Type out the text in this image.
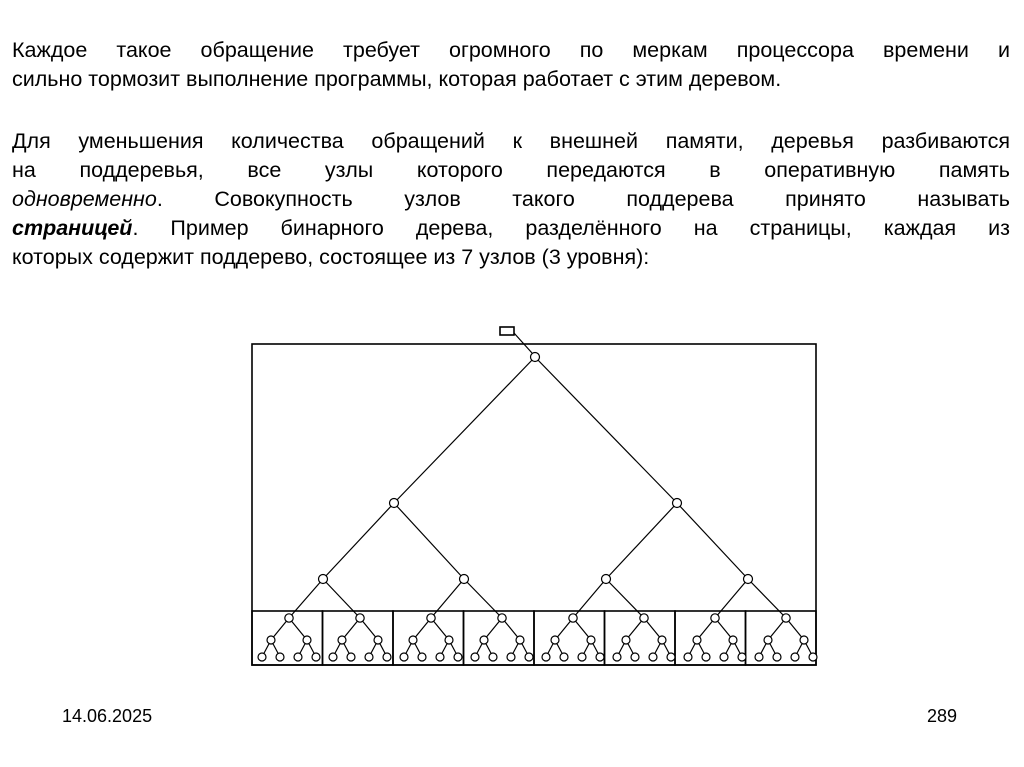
Каждое такое обращение требует огромного по меркам процессора времени и
сильно тормозит выполнение программы, которая работает с этим деревом.

Для уменьшения количества обращений к внешней памяти, деревья разбиваются
на поддеревья, все узлы которого передаются в оперативную память
одновременно. Совокупность узлов такого поддерева принято называть
страницей. Пример бинарного дерева, разделённого на страницы, каждая из
которых содержит поддерево, состоящее из 7 узлов (3 уровня):

14.06.2025	289
